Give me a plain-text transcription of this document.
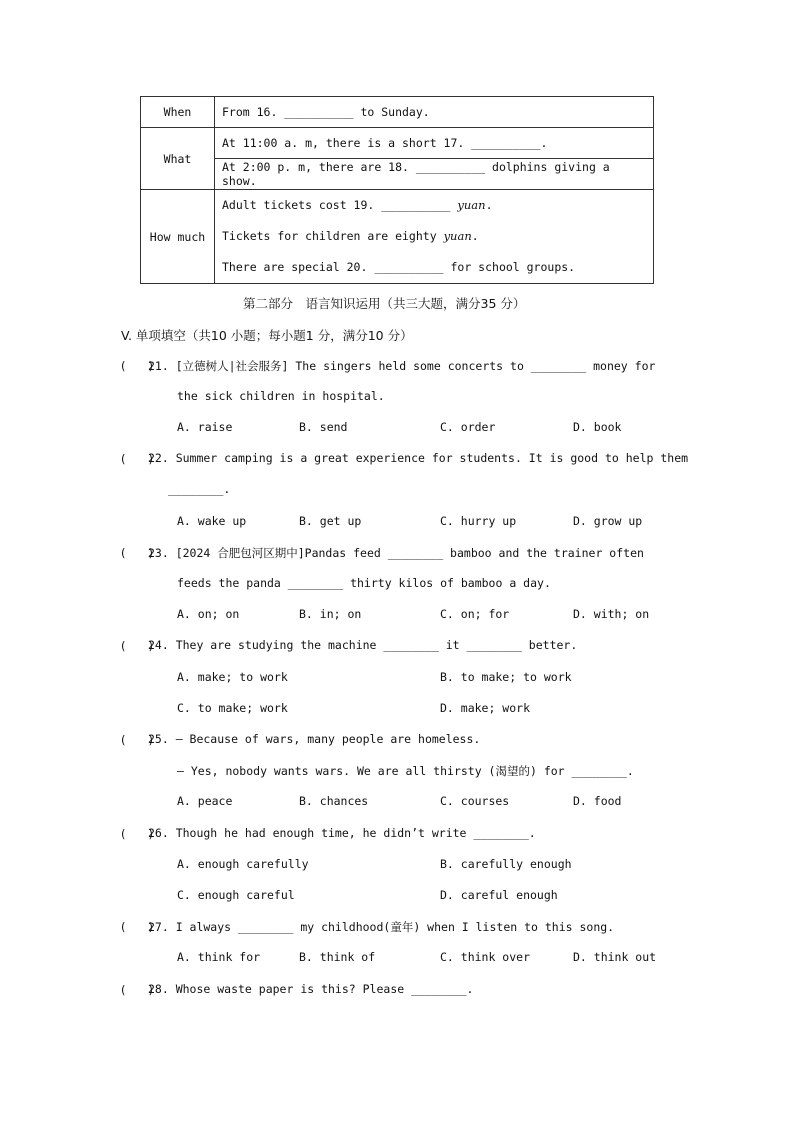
When	From 16. __________ to Sunday.
What	At 11:00 a. m, there is a short 17. __________.
	At 2:00 p. m, there are 18. __________ dolphins giving a show.
How much	Adult tickets cost 19. __________ yuan.
Tickets for children are eighty yuan.
There are special 20. __________ for school groups.
第二部分　语言知识运用（共三大题，满分35 分）
V. 单项填空（共10 小题；每小题1 分，满分10 分）
(　　)
21. [立德树人|社会服务] The singers held some concerts to ________ money for
the sick children in hospital.
A. raise	B. send	C. order	D. book
(　　)
22. Summer camping is a great experience for students. It is good to help them
________.
A. wake up	B. get up	C. hurry up	D. grow up
(　　)
23. [2024 合肥包河区期中]Pandas feed ________ bamboo and the trainer often
feeds the panda ________ thirty kilos of bamboo a day.
A. on; on	B. in; on	C. on; for	D. with; on
(　　)
24. They are studying the machine ________ it ________ better.
A. make; to work	B. to make; to work
C. to make; work	D. make; work
(　　)
25. — Because of wars, many people are homeless.
— Yes, nobody wants wars. We are all thirsty (渴望的) for ________.
A. peace	B. chances	C. courses	D. food
(　　)
26. Though he had enough time, he didn’t write ________.
A. enough carefully	B. carefully enough
C. enough careful	D. careful enough
(　　)
27. I always ________ my childhood(童年) when I listen to this song.
A. think for	B. think of	C. think over	D. think out
(　　)
28. Whose waste paper is this? Please ________.
